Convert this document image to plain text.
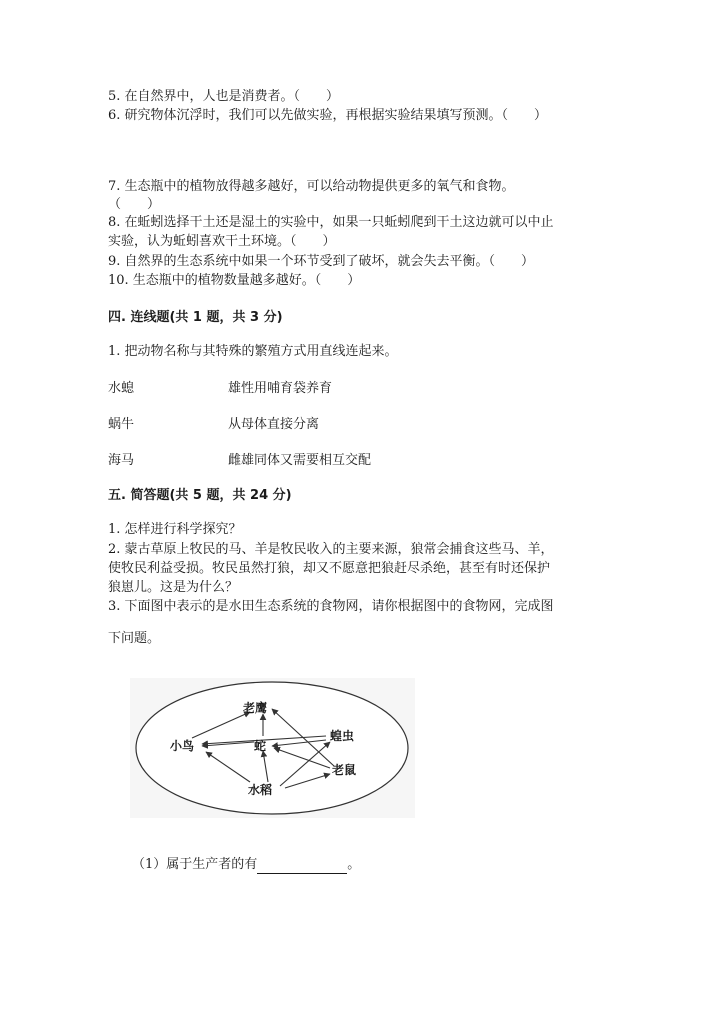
5. 在自然界中，人也是消费者。（　　）
6. 研究物体沉浮时，我们可以先做实验，再根据实验结果填写预测。（　　）
7. 生态瓶中的植物放得越多越好，可以给动物提供更多的氧气和食物。
（　　）
8. 在蚯蚓选择干土还是湿土的实验中，如果一只蚯蚓爬到干土这边就可以中止
实验，认为蚯蚓喜欢干土环境。（　　）
9. 自然界的生态系统中如果一个环节受到了破坏，就会失去平衡。（　　）
10. 生态瓶中的植物数量越多越好。（　　）
四. 连线题(共 1 题，共 3 分)
1. 把动物名称与其特殊的繁殖方式用直线连起来。
水螅	雄性用哺育袋养育
蜗牛	从母体直接分离
海马	雌雄同体又需要相互交配
五. 简答题(共 5 题，共 24 分)
1. 怎样进行科学探究？
2. 蒙古草原上牧民的马、羊是牧民收入的主要来源，狼常会捕食这些马、羊，
使牧民利益受损。牧民虽然打狼，却又不愿意把狼赶尽杀绝，甚至有时还保护
狼崽儿。这是为什么？
3. 下面图中表示的是水田生态系统的食物网，请你根据图中的食物网，完成图
下问题。
老鹰
小鸟	蛇
蝗虫
老鼠
水稻
（1）属于生产者的有	。
